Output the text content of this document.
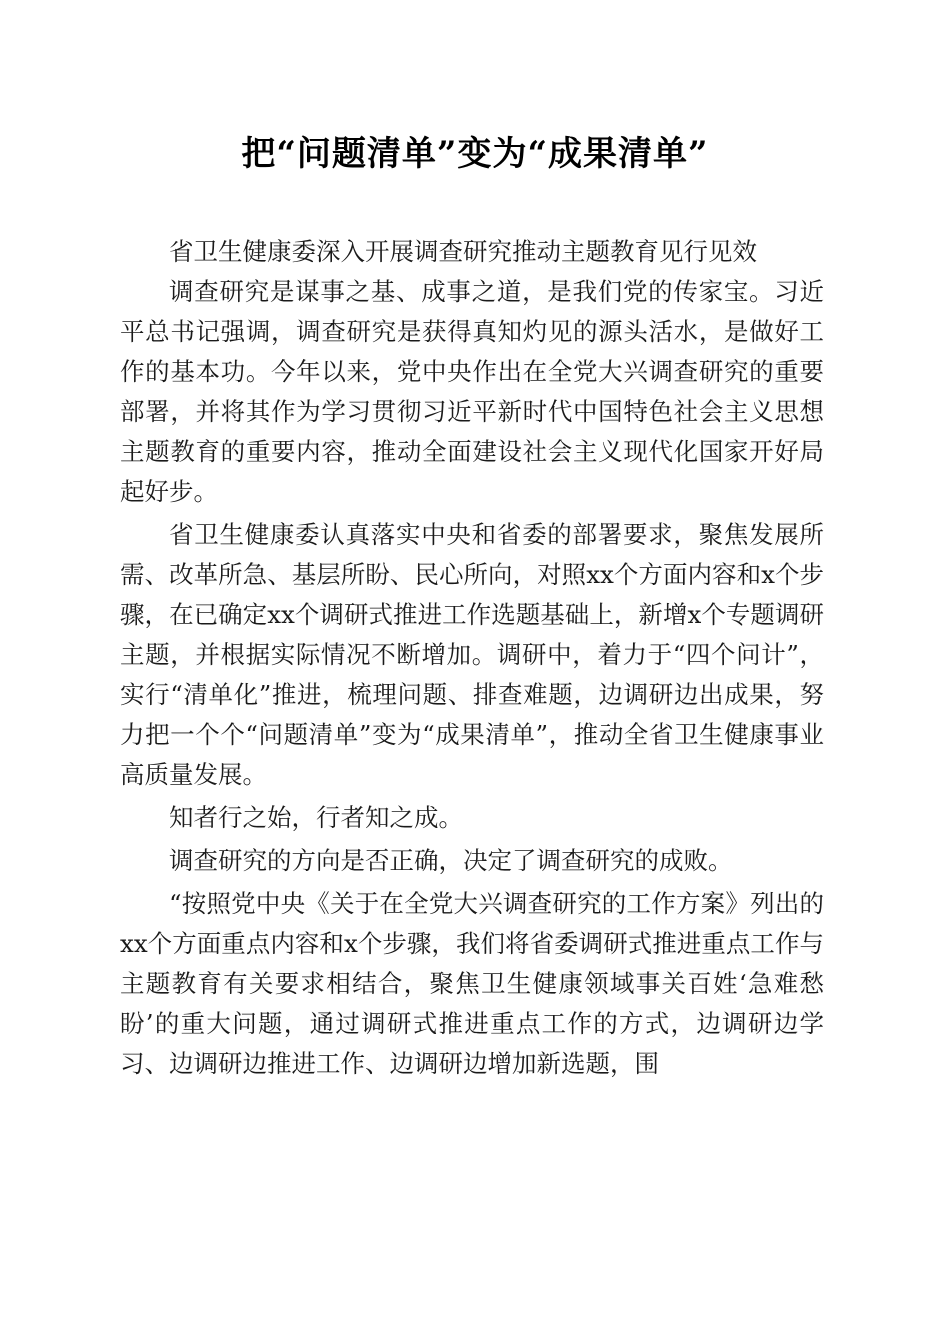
把“问题清单”变为“成果清单”

省卫生健康委深入开展调查研究推动主题教育见行见效

调查研究是谋事之基、成事之道，是我们党的传家宝。习近平总书记强调，调查研究是获得真知灼见的源头活水，是做好工作的基本功。今年以来，党中央作出在全党大兴调查研究的重要部署，并将其作为学习贯彻习近平新时代中国特色社会主义思想主题教育的重要内容，推动全面建设社会主义现代化国家开好局起好步。

省卫生健康委认真落实中央和省委的部署要求，聚焦发展所需、改革所急、基层所盼、民心所向，对照xx个方面内容和x个步骤，在已确定xx个调研式推进工作选题基础上，新增x个专题调研主题，并根据实际情况不断增加。调研中，着力于“四个问计”，实行“清单化”推进，梳理问题、排查难题，边调研边出成果，努力把一个个“问题清单”变为“成果清单”，推动全省卫生健康事业高质量发展。

知者行之始，行者知之成。

调查研究的方向是否正确，决定了调查研究的成败。

“按照党中央《关于在全党大兴调查研究的工作方案》列出的xx个方面重点内容和x个步骤，我们将省委调研式推进重点工作与主题教育有关要求相结合，聚焦卫生健康领域事关百姓‘急难愁盼’的重大问题，通过调研式推进重点工作的方式，边调研边学习、边调研边推进工作、边调研边增加新选题，围
